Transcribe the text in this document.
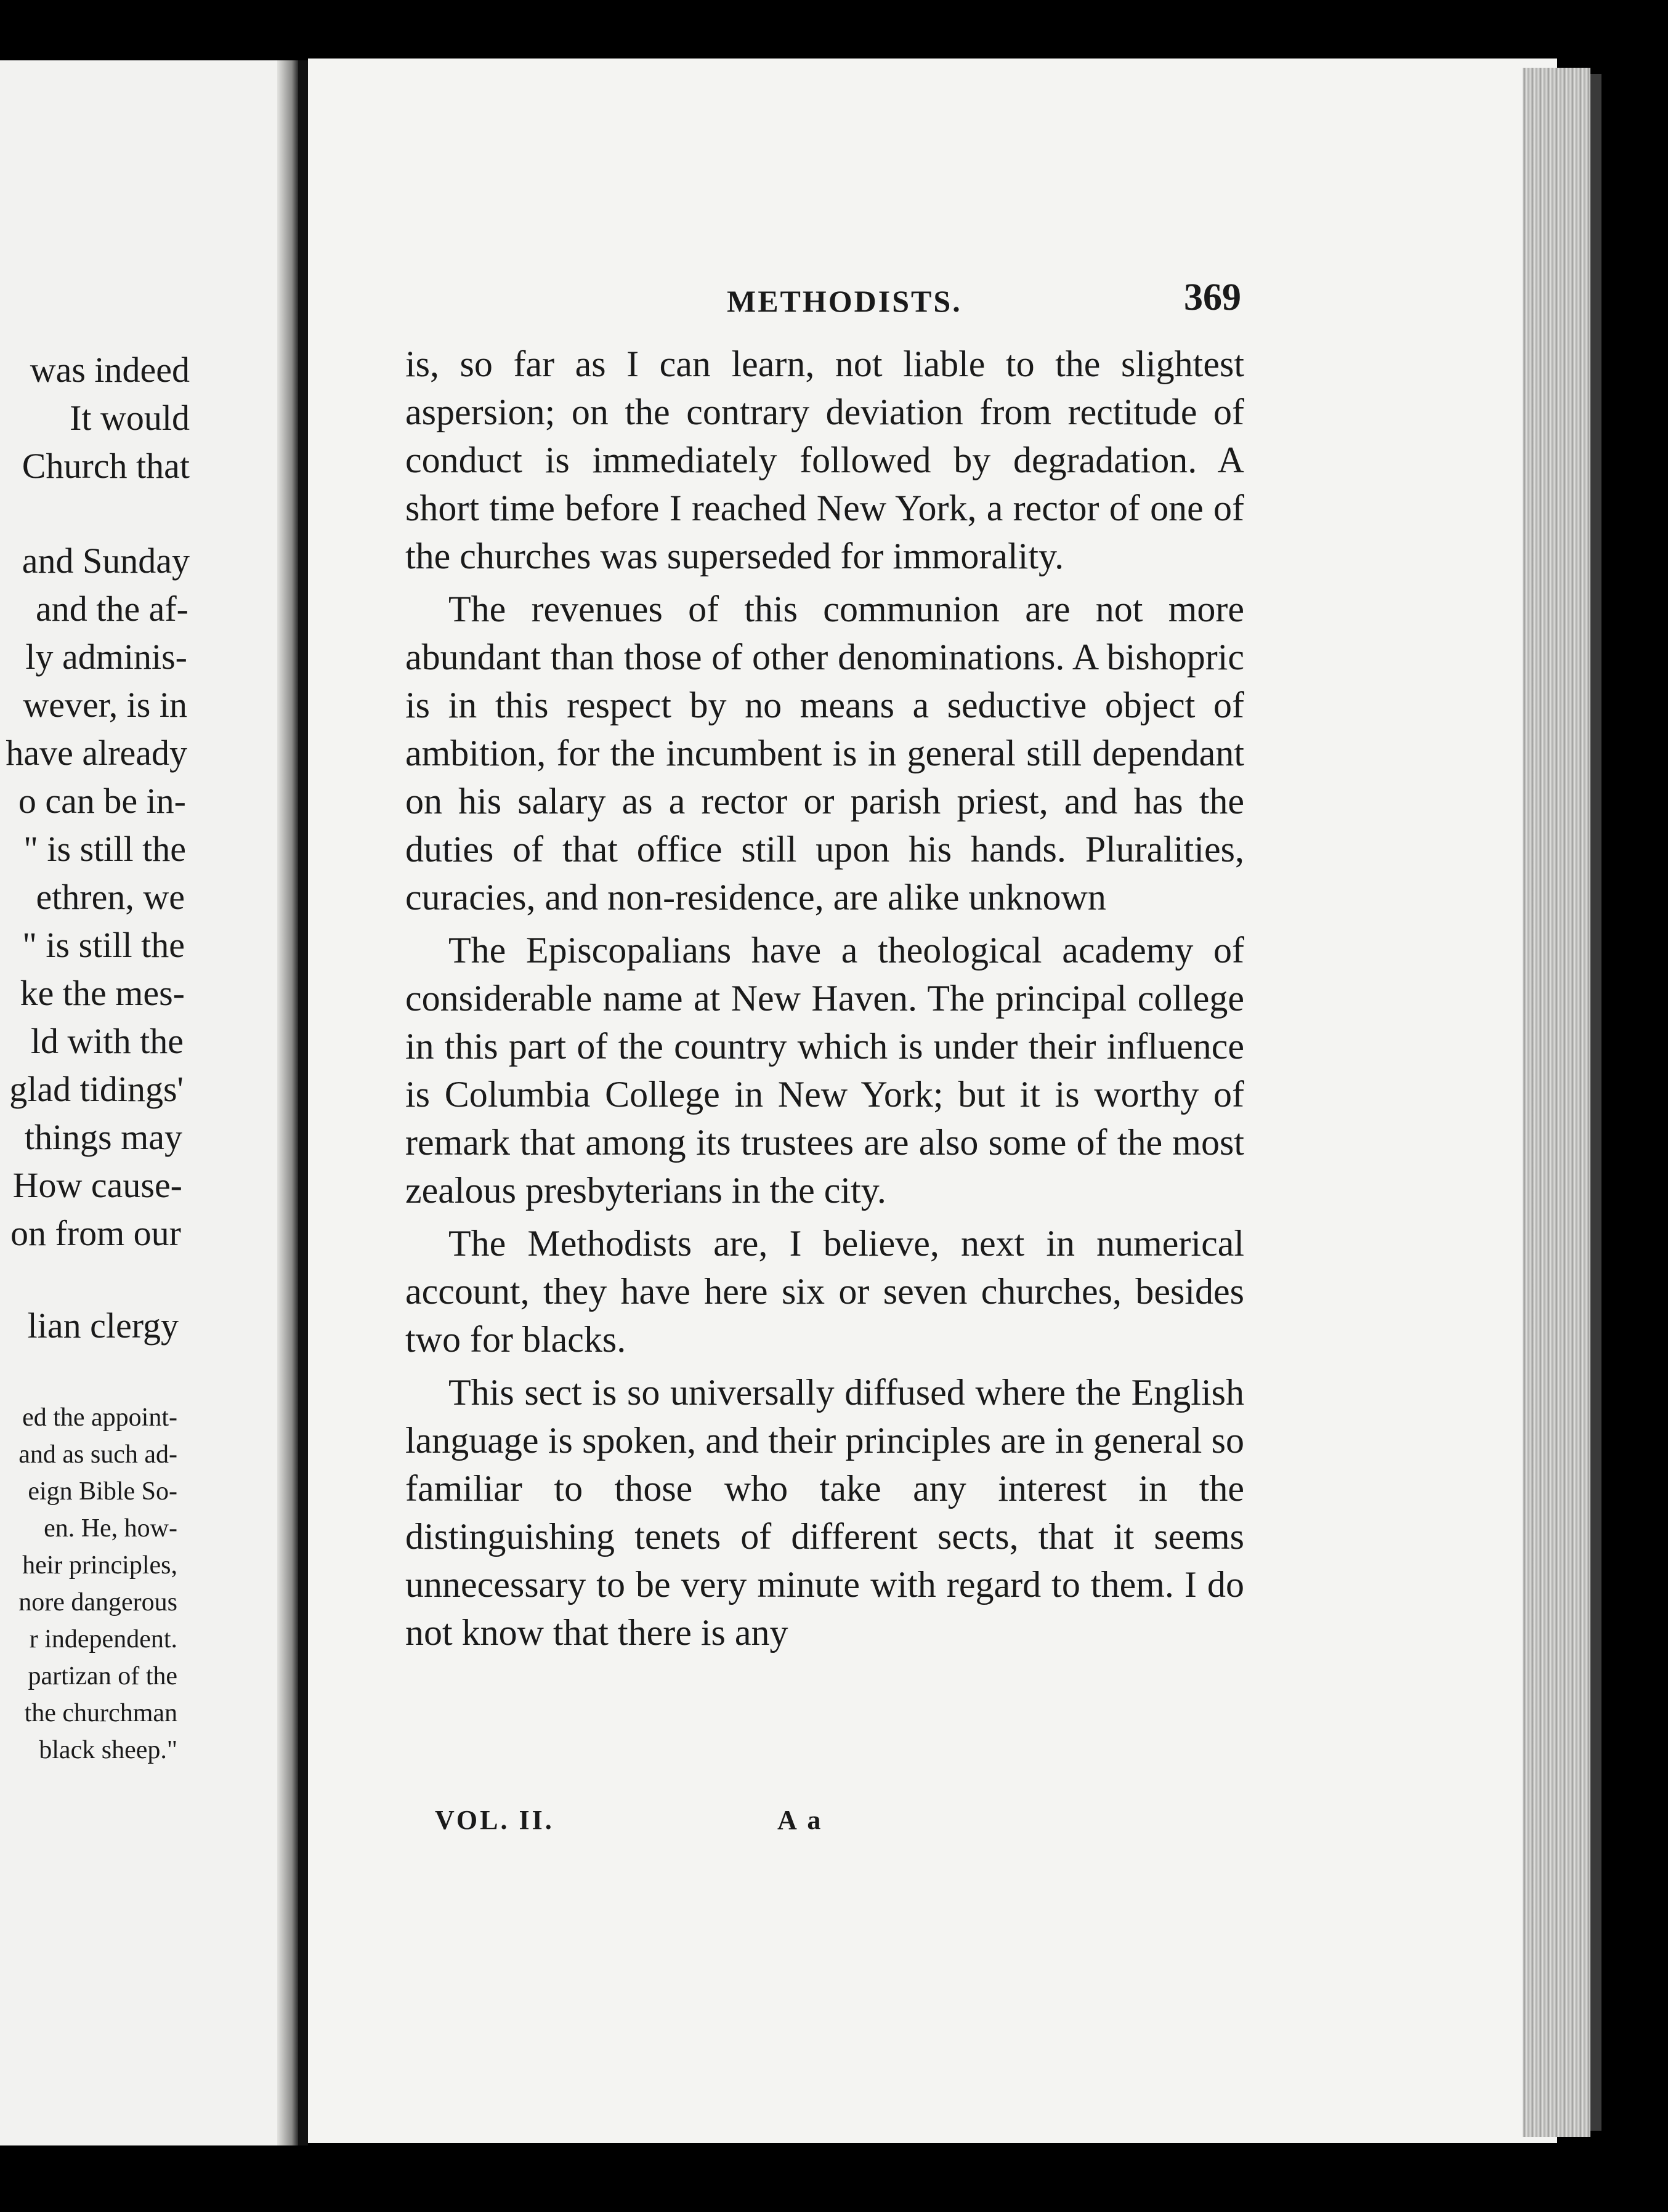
was indeed
It would
Church that
and Sunday
and the af-
ly adminis-
wever, is in
have already
o can be in-
" is still the
ethren, we
" is still the
ke the mes-
ld with the
glad tidings'
things may
How cause-
on from our
lian clergy
ed the appoint-
and as such ad-
eign Bible So-
en. He, how-
heir principles,
nore dangerous
r independent.
partizan of the
the churchman
black sheep."
METHODISTS.	369

is, so far as I can learn, not liable to the slightest aspersion; on the contrary deviation from rectitude of conduct is immediately followed by degradation. A short time before I reached New York, a rector of one of the churches was superseded for immorality.

The revenues of this communion are not more abundant than those of other denominations. A bishopric is in this respect by no means a seductive object of ambition, for the incumbent is in general still dependant on his salary as a rector or parish priest, and has the duties of that office still upon his hands. Pluralities, curacies, and non-residence, are alike unknown

The Episcopalians have a theological academy of considerable name at New Haven. The principal college in this part of the country which is under their influence is Columbia College in New York; but it is worthy of remark that among its trustees are also some of the most zealous presbyterians in the city.

The Methodists are, I believe, next in numerical account, they have here six or seven churches, besides two for blacks.

This sect is so universally diffused where the English language is spoken, and their principles are in general so familiar to those who take any interest in the distinguishing tenets of different sects, that it seems unnecessary to be very minute with regard to them. I do not know that there is any

VOL. II.	A a
